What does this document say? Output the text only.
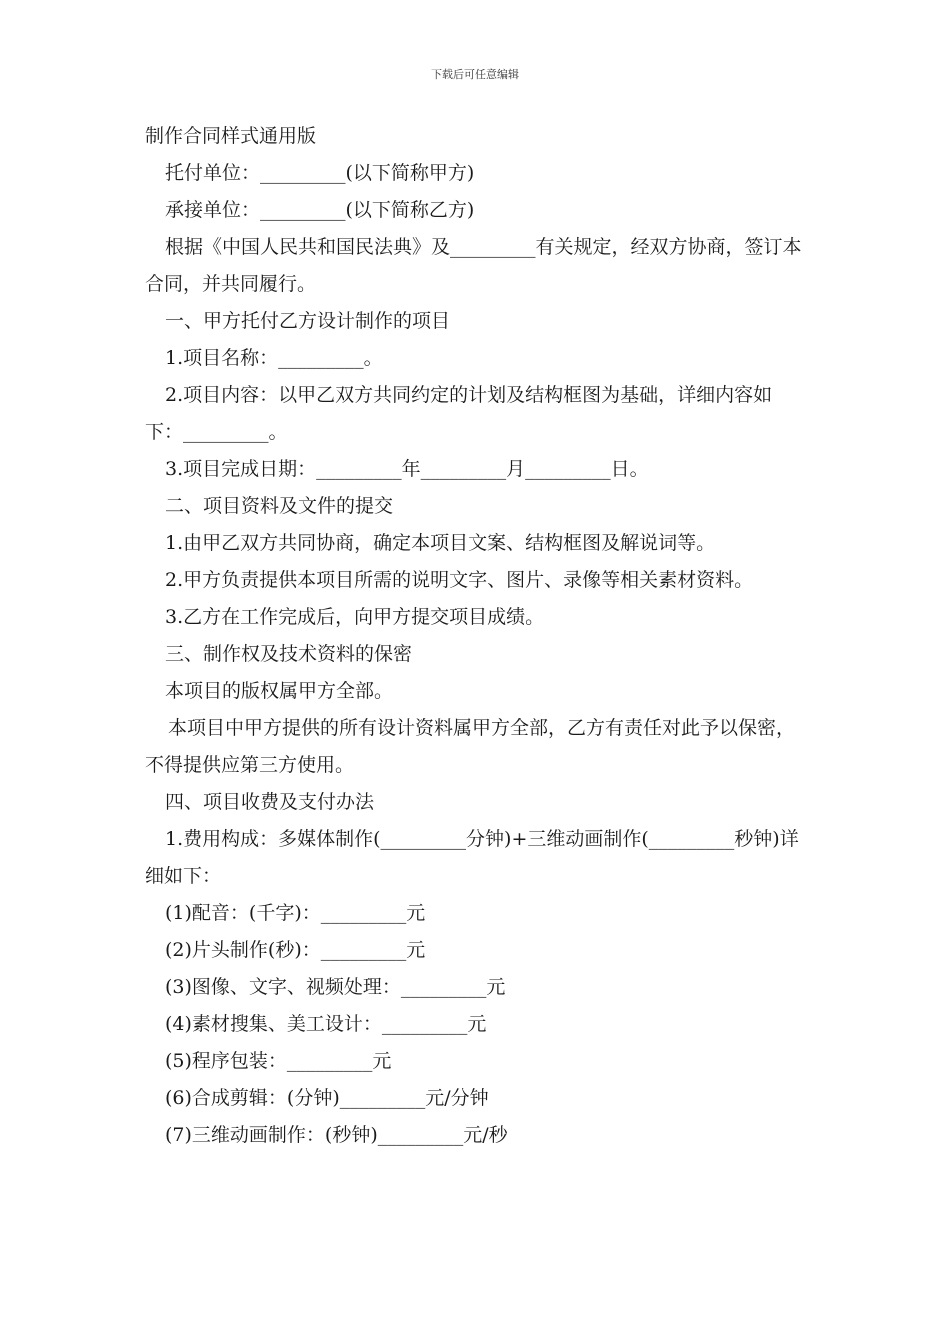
下载后可任意编辑

制作合同样式通用版

托付单位：_________(以下简称甲方)

承接单位：_________(以下简称乙方)

根据《中国人民共和国民法典》及_________有关规定，经双方协商，签订本合同，并共同履行。

一、甲方托付乙方设计制作的项目

1.项目名称：_________。

2.项目内容：以甲乙双方共同约定的计划及结构框图为基础，详细内容如下：_________。

3.项目完成日期：_________年_________月_________日。

二、项目资料及文件的提交

1.由甲乙双方共同协商，确定本项目文案、结构框图及解说词等。

2.甲方负责提供本项目所需的说明文字、图片、录像等相关素材资料。

3.乙方在工作完成后，向甲方提交项目成绩。

三、制作权及技术资料的保密

本项目的版权属甲方全部。

本项目中甲方提供的所有设计资料属甲方全部，乙方有责任对此予以保密，不得提供应第三方使用。

四、项目收费及支付办法

1.费用构成：多媒体制作(_________分钟)+三维动画制作(_________秒钟)详细如下：

(1)配音：(千字)：_________元

(2)片头制作(秒)：_________元

(3)图像、文字、视频处理：_________元

(4)素材搜集、美工设计：_________元

(5)程序包装：_________元

(6)合成剪辑：(分钟)_________元/分钟

(7)三维动画制作：(秒钟)_________元/秒
